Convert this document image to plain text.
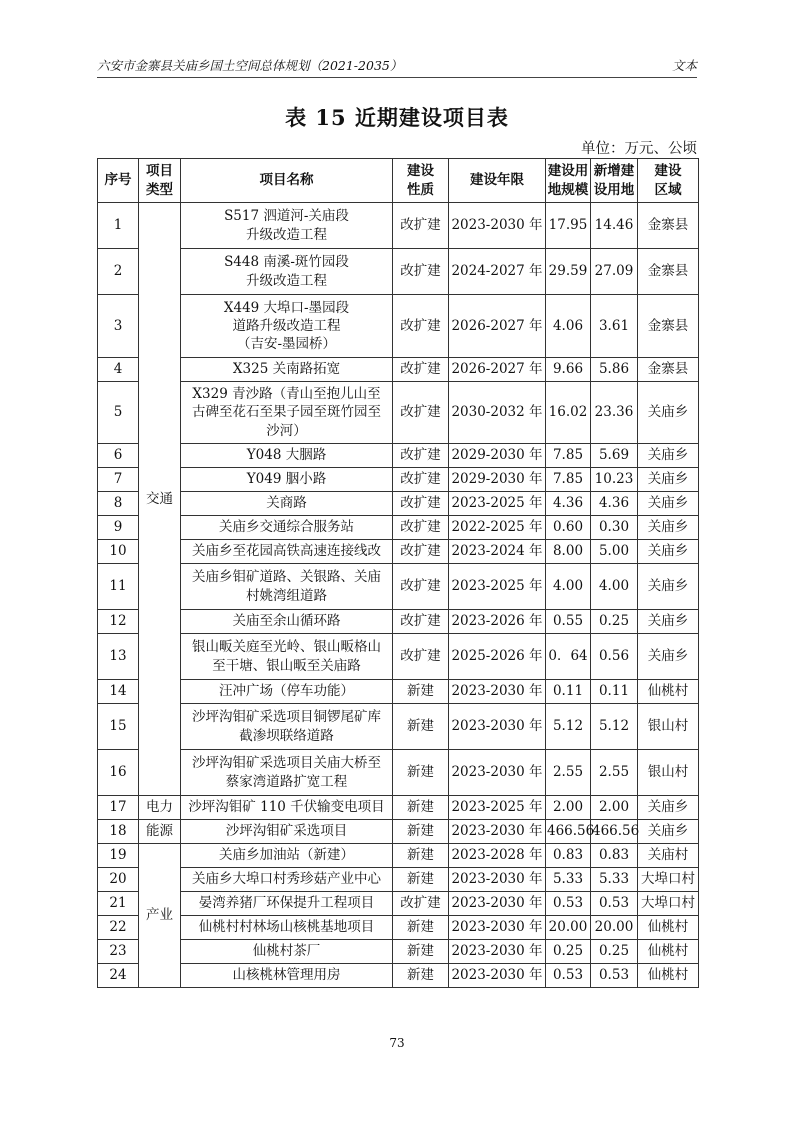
六安市金寨县关庙乡国土空间总体规划（2021-2035）	文本
表 15 近期建设项目表
单位：万元、公顷
序号	项目类型	项目名称	建设性质	建设年限	建设用地规模	新增建设用地	建设区域

1	交通	S517 泗道河-关庙段
升级改造工程	改扩建	2023-2030 年	17.95	14.46	金寨县
2		S448 南溪-斑竹园段
升级改造工程	改扩建	2024-2027 年	29.59	27.09	金寨县
3		X449 大埠口-墨园段
道路升级改造工程
（吉安-墨园桥）	改扩建	2026-2027 年	4.06	3.61	金寨县
4		X325 关南路拓宽	改扩建	2026-2027 年	9.66	5.86	金寨县
5		X329 青沙路（青山至抱儿山至
古碑至花石至果子园至斑竹园至
沙河）	改扩建	2030-2032 年	16.02	23.36	关庙乡
6		Y048 大胭路	改扩建	2029-2030 年	7.85	5.69	关庙乡
7		Y049 胭小路	改扩建	2029-2030 年	7.85	10.23	关庙乡
8		关商路	改扩建	2023-2025 年	4.36	4.36	关庙乡
9		关庙乡交通综合服务站	改扩建	2022-2025 年	0.60	0.30	关庙乡
10		关庙乡至花园高铁高速连接线改	改扩建	2023-2024 年	8.00	5.00	关庙乡
11		关庙乡钼矿道路、关银路、关庙
村姚湾组道路	改扩建	2023-2025 年	4.00	4.00	关庙乡
12		关庙至余山循环路	改扩建	2023-2026 年	0.55	0.25	关庙乡
13		银山畈关庭至光岭、银山畈格山
至干塘、银山畈至关庙路	改扩建	2025-2026 年	0．64	0.56	关庙乡
14		汪冲广场（停车功能）	新建	2023-2030 年	0.11	0.11	仙桃村
15		沙坪沟钼矿采选项目铜锣尾矿库
截渗坝联络道路	新建	2023-2030 年	5.12	5.12	银山村
16		沙坪沟钼矿采选项目关庙大桥至
蔡家湾道路扩宽工程	新建	2023-2030 年	2.55	2.55	银山村
17	电力	沙坪沟钼矿 110 千伏输变电项目	新建	2023-2025 年	2.00	2.00	关庙乡
18	能源	沙坪沟钼矿采选项目	新建	2023-2030 年	466.56	466.56	关庙乡
19	产业	关庙乡加油站（新建）	新建	2023-2028 年	0.83	0.83	关庙村
20		关庙乡大埠口村秀珍菇产业中心	新建	2023-2030 年	5.33	5.33	大埠口村
21		晏湾养猪厂环保提升工程项目	改扩建	2023-2030 年	0.53	0.53	大埠口村
22		仙桃村村林场山核桃基地项目	新建	2023-2030 年	20.00	20.00	仙桃村
23		仙桃村茶厂	新建	2023-2030 年	0.25	0.25	仙桃村
24		山核桃林管理用房	新建	2023-2030 年	0.53	0.53	仙桃村
73
